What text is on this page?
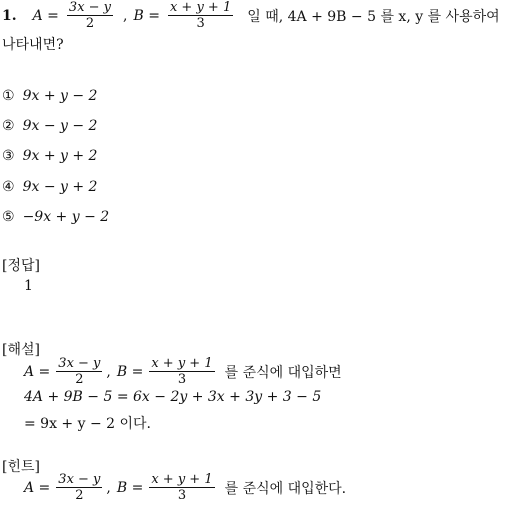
1. $A = \frac{3x - y}{2}$ , $B = \frac{x + y + 1}{3}$ 일 때, 4A + 9B − 5 를 x, y 를 사용하여
나타내면?
① 9x + y − 2
② 9x − y − 2
③ 9x + y + 2
④ 9x − y + 2
⑤ −9x + y − 2
[정답]
1
[해설]
$A = \frac{3x - y}{2}$ , $B = \frac{x + y + 1}{3}$ 를 준식에 대입하면
4A + 9B − 5 = 6x − 2y + 3x + 3y + 3 − 5
= 9x + y − 2 이다.
[힌트]
$A = \frac{3x - y}{2}$ , $B = \frac{x + y + 1}{3}$ 를 준식에 대입한다.
